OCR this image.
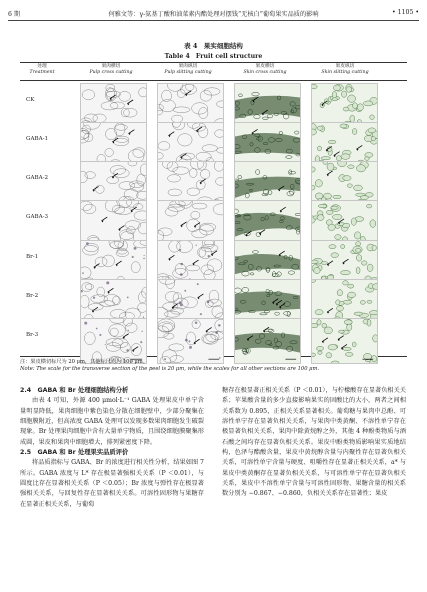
6 期	何雅文等：γ-氨基丁酸和油菜素内酯处理对摆钱“无核白”葡萄果实品质的影响	• 1105 •
表 4　果实细胞结构
Table 4　Fruit cell structure
处理
Treatment
果肉横切
Pulp cross cutting
果肉纵切
Pulp slitting cutting
果皮横切
Skin cross cutting
果皮纵切
Skin slitting cutting
CK
GABA-1
GABA-2
GABA-3
Br-1
Br-2
Br-3
注：果皮横切标尺为 20 μm，其他标尺均为 100 μm。
Note: The scale for the transverse section of the peel is 20 μm, while the scales for all other sections are 100 μm.

2.4　GABA 和 Br 处理细胞结构分析

由表 4 可知，外源 400 μmol·L⁻¹ GABA 处理果皮中单宁含量明显降低，果肉细胞中紫色染色分散在细胞壁中，少部分聚集在细胞膜附近，但高浓度 GABA 处理可以发现多数果肉细胞发生破裂现象。Br 处理果肉细胞中含有大量单宁物质，且围绕细胞膜聚集形成圆，果皮和果肉中细胞增大，排列紧密度下降。

2.5　GABA 和 Br 处理果实品质评价

将品质指标与 GABA、Br 的浓度进行相关性分析，结果如图 7 所示。GABA 浓度与 L* 存在极显著强相关关系（P ＜0.01），与圆度比存在显著相关关系（P ＜0.05）；Br 浓度与弹性存在极显著强相关关系，与回复性存在显著相关关系。可溶性固形物与果糖存在显著正相关关系，与葡萄

糖存在极显著正相关关系（P ＜0.01），与柠檬酸存在显著负相关关系；苹果酸含量的多少直接影响果实的固酸比的大小，两者之间相关系数为 0.895，正相关关系显著相关。葡萄糖与果肉中总酚、可溶性单宁存在显著负相关关系，与果肉中类黄酮、不溶性单宁存在极显著负相关关系，果肉中除黄烷醇之外，其他 4 种酚类物质与酒石酸之间均存在显著负相关关系。果皮中酚类物质影响果实质地结构，色泽与酯酸含量，果皮中黄烷醇含量与内聚性存在显著负相关关系，可溶性单宁含量与硬度、咀嚼性存在显著正相关关系，a* 与果皮中类黄酮存在显著负相关关系，与可溶性单宁存在显著负相关关系，果皮中不溶性单宁含量与可溶性固形物、果糖含量的相关系数分别为 −0.867、−0.860，负相关关系存在显著性；果皮
